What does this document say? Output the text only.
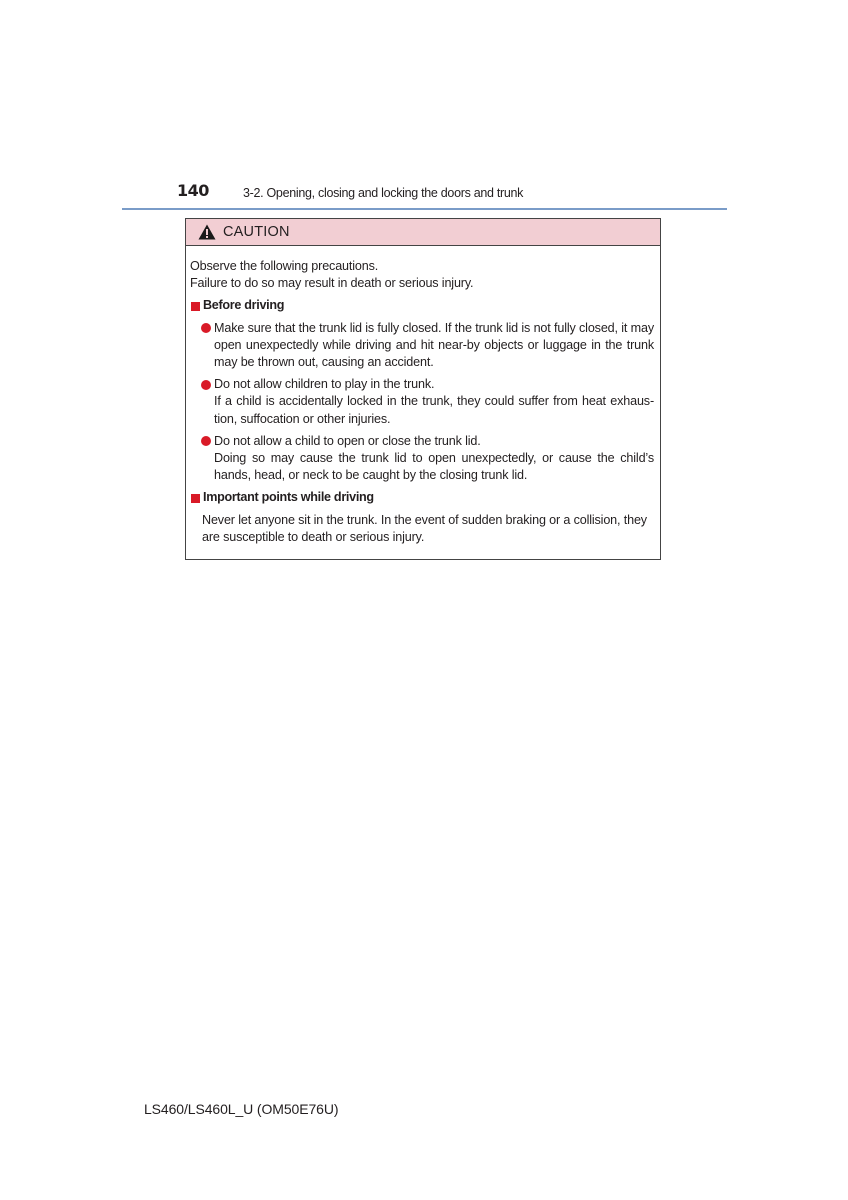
140	3-2. Opening, closing and locking the doors and trunk
CAUTION

Observe the following precautions.

Failure to do so may result in death or serious injury.

Before driving

Make sure that the trunk lid is fully closed. If the trunk lid is not fully closed, it may open unexpectedly while driving and hit near-by objects or luggage in the trunk may be thrown out, causing an accident.

Do not allow children to play in the trunk.

If a child is accidentally locked in the trunk, they could suffer from heat exhaus-tion, suffocation or other injuries.

Do not allow a child to open or close the trunk lid.

Doing so may cause the trunk lid to open unexpectedly, or cause the child’s hands, head, or neck to be caught by the closing trunk lid.

Important points while driving

Never let anyone sit in the trunk. In the event of sudden braking or a collision, they are susceptible to death or serious injury.

LS460/LS460L_U (OM50E76U)
